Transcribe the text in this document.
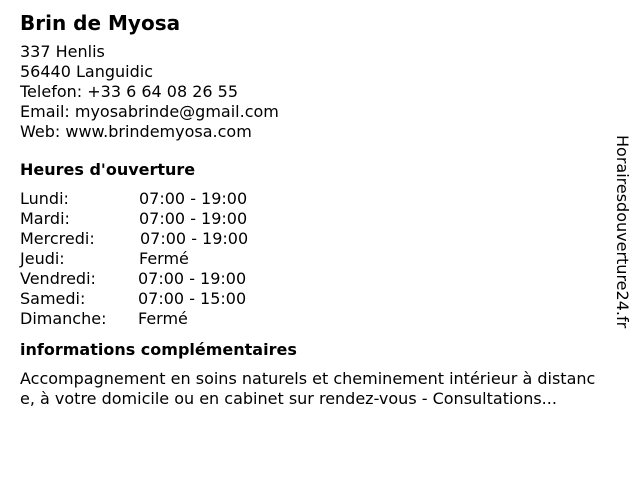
Brin de Myosa
337 Henlis
56440 Languidic
Telefon: +33 6 64 08 26 55
Email: myosabrinde@gmail.com
Web: www.brindemyosa.com
Heures d'ouverture
Lundi:	07:00 - 19:00
Mardi:	07:00 - 19:00
Mercredi:	07:00 - 19:00
Jeudi:	Fermé
Vendredi:	07:00 - 19:00
Samedi:	07:00 - 15:00
Dimanche:	Fermé
informations complémentaires
Accompagnement en soins naturels et cheminement intérieur à distance, à votre domicile ou en cabinet sur rendez-vous - Consultations...
Horairesdouverture24.fr
